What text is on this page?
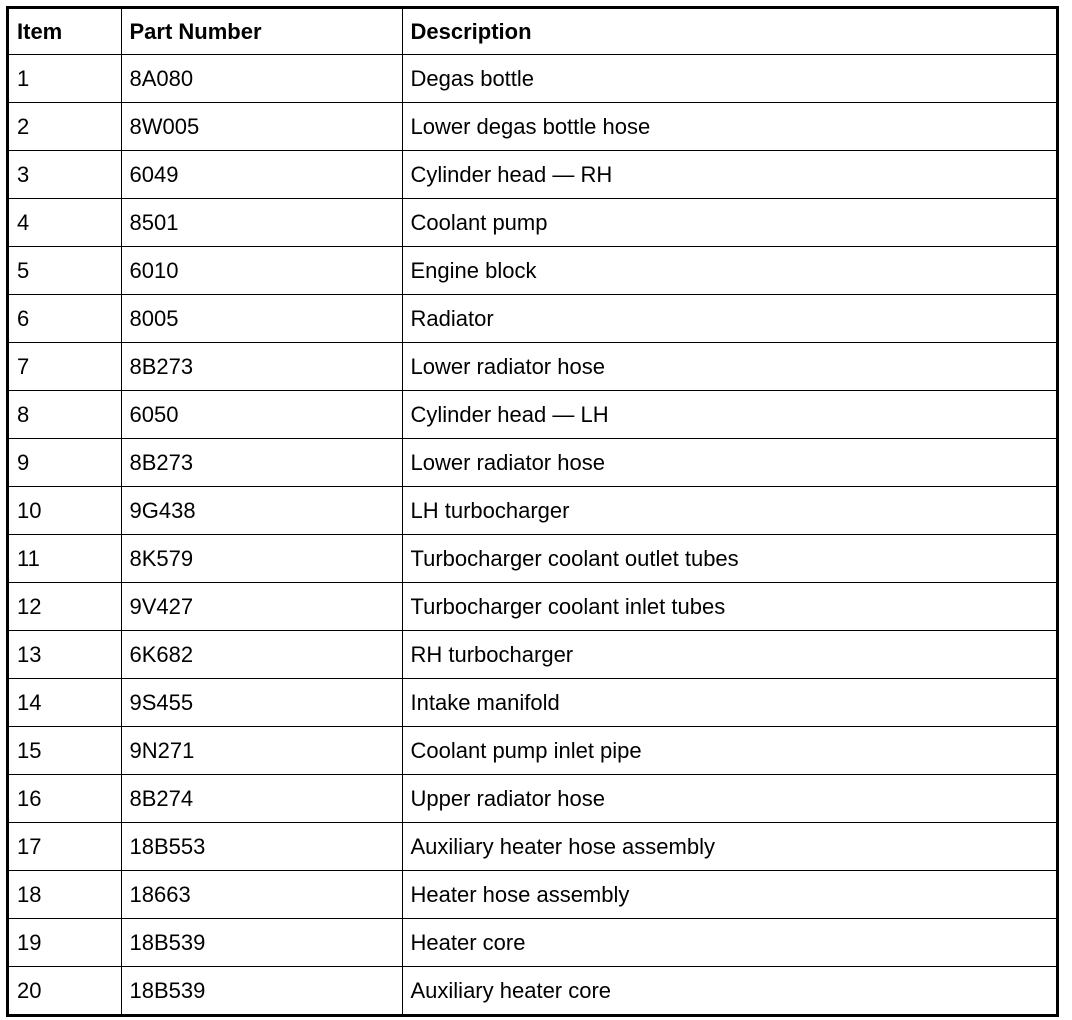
Item	Part Number	Description
1	8A080	Degas bottle
2	8W005	Lower degas bottle hose
3	6049	Cylinder head — RH
4	8501	Coolant pump
5	6010	Engine block
6	8005	Radiator
7	8B273	Lower radiator hose
8	6050	Cylinder head — LH
9	8B273	Lower radiator hose
10	9G438	LH turbocharger
11	8K579	Turbocharger coolant outlet tubes
12	9V427	Turbocharger coolant inlet tubes
13	6K682	RH turbocharger
14	9S455	Intake manifold
15	9N271	Coolant pump inlet pipe
16	8B274	Upper radiator hose
17	18B553	Auxiliary heater hose assembly
18	18663	Heater hose assembly
19	18B539	Heater core
20	18B539	Auxiliary heater core
